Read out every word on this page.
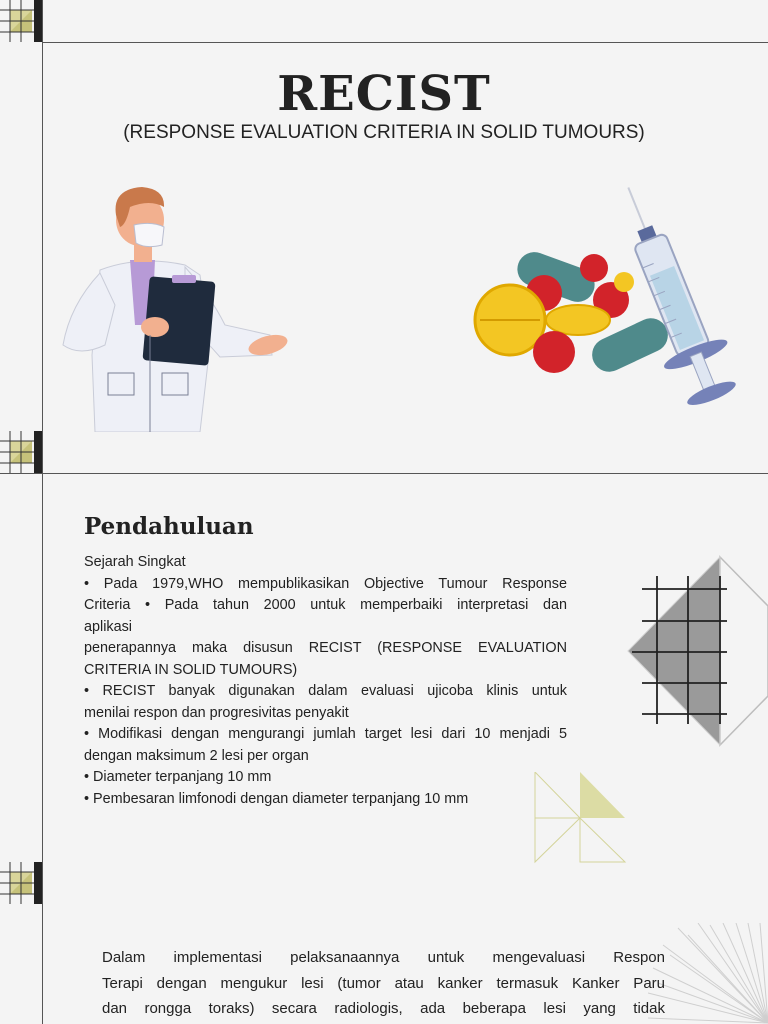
RECIST
(RESPONSE EVALUATION CRITERIA IN SOLID TUMOURS)
Pendahuluan
Sejarah Singkat
• Pada 1979,WHO mempublikasikan Objective Tumour Response
Criteria • Pada tahun 2000 untuk memperbaiki interpretasi dan
aplikasi
penerapannya maka disusun RECIST (RESPONSE EVALUATION
CRITERIA IN SOLID TUMOURS)
• RECIST banyak digunakan dalam evaluasi ujicoba klinis untuk
menilai respon dan progresivitas penyakit
• Modifikasi dengan mengurangi jumlah target lesi dari 10 menjadi 5
dengan maksimum 2 lesi per organ
• Diameter terpanjang 10 mm
• Pembesaran limfonodi dengan diameter terpanjang 10 mm
Dalam implementasi pelaksanaannya untuk mengevaluasi Respon
Terapi dengan mengukur lesi (tumor atau kanker termasuk Kanker Paru
dan rongga toraks) secara radiologis, ada beberapa lesi yang tidak
